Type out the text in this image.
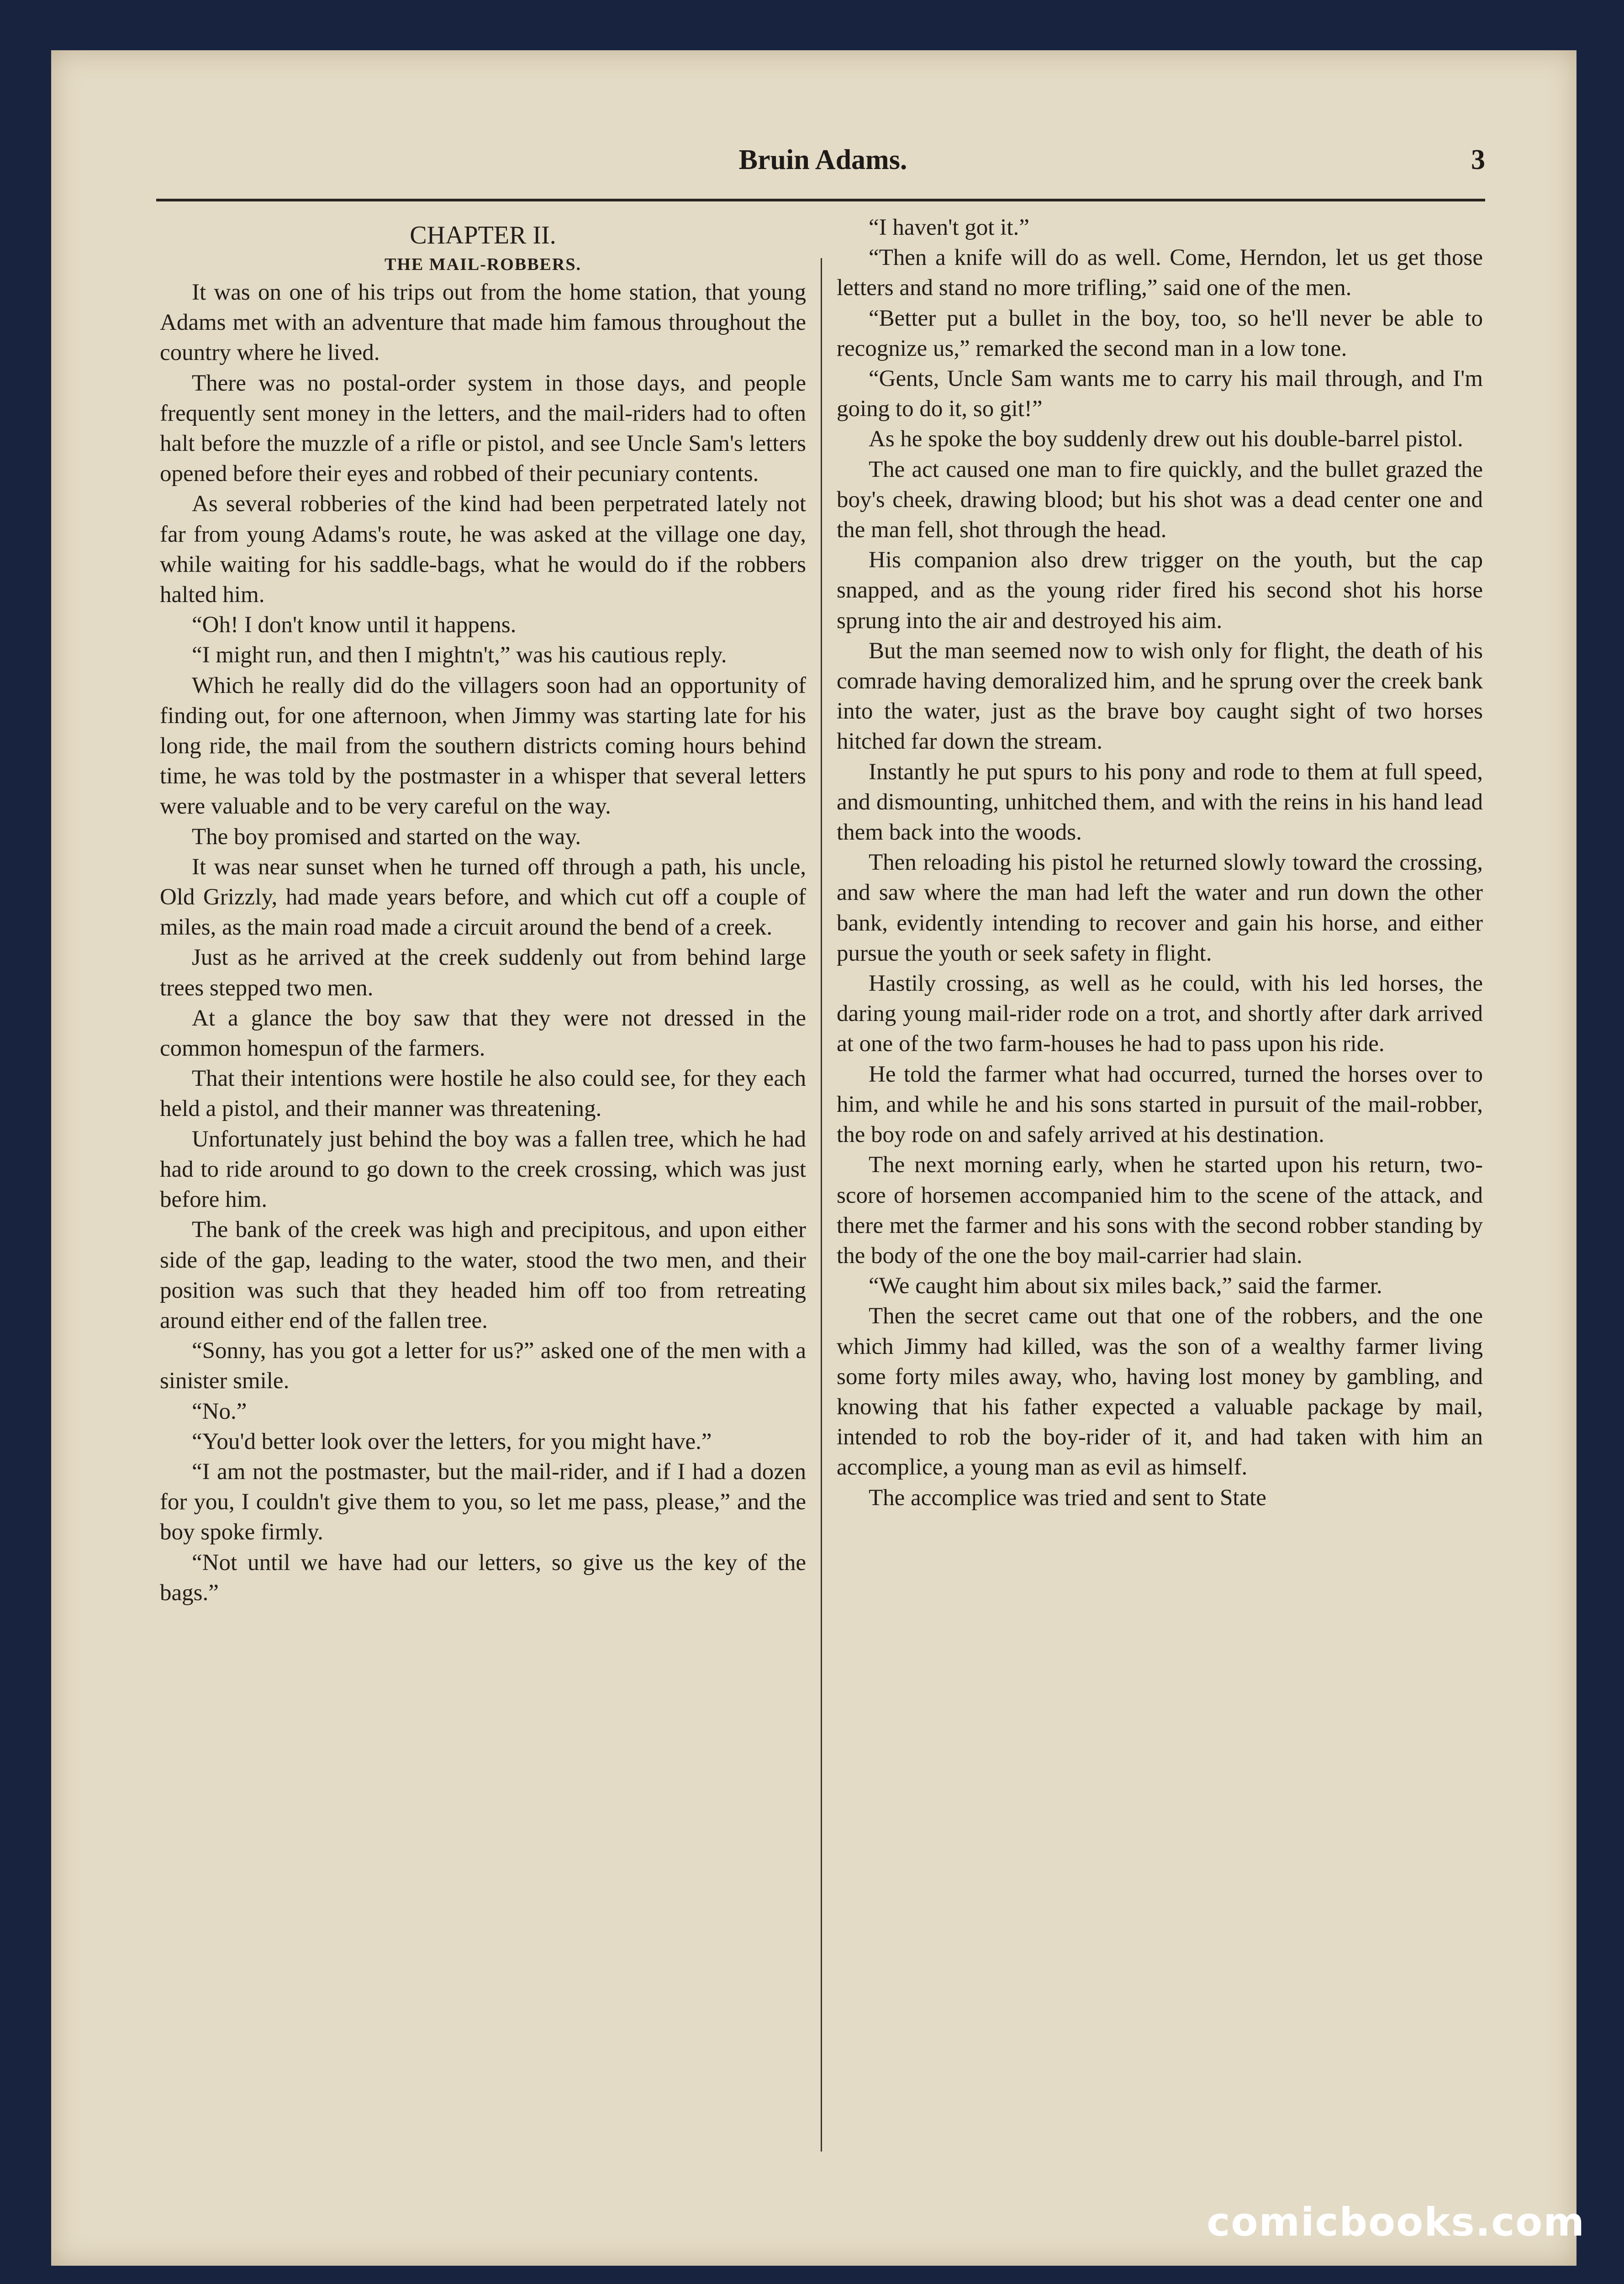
Bruin Adams.	3
CHAPTER II.
THE MAIL-ROBBERS.

It was on one of his trips out from the home station, that young Adams met with an adventure that made him famous throughout the country where he lived.

There was no postal-order system in those days, and people frequently sent money in the letters, and the mail-riders had to often halt before the muzzle of a rifle or pistol, and see Uncle Sam's letters opened before their eyes and robbed of their pecuniary contents.

As several robberies of the kind had been perpetrated lately not far from young Adams's route, he was asked at the village one day, while waiting for his saddle-bags, what he would do if the robbers halted him.

“Oh! I don't know until it happens.

“I might run, and then I mightn't,” was his cautious reply.

Which he really did do the villagers soon had an opportunity of finding out, for one afternoon, when Jimmy was starting late for his long ride, the mail from the southern districts coming hours behind time, he was told by the postmaster in a whisper that several letters were valuable and to be very careful on the way.

The boy promised and started on the way.

It was near sunset when he turned off through a path, his uncle, Old Grizzly, had made years before, and which cut off a couple of miles, as the main road made a circuit around the bend of a creek.

Just as he arrived at the creek suddenly out from behind large trees stepped two men.

At a glance the boy saw that they were not dressed in the common homespun of the farmers.

That their intentions were hostile he also could see, for they each held a pistol, and their manner was threatening.

Unfortunately just behind the boy was a fallen tree, which he had had to ride around to go down to the creek crossing, which was just before him.

The bank of the creek was high and precipitous, and upon either side of the gap, leading to the water, stood the two men, and their position was such that they headed him off too from retreating around either end of the fallen tree.

“Sonny, has you got a letter for us?” asked one of the men with a sinister smile.

“No.”

“You'd better look over the letters, for you might have.”

“I am not the postmaster, but the mail-rider, and if I had a dozen for you, I couldn't give them to you, so let me pass, please,” and the boy spoke firmly.

“Not until we have had our letters, so give us the key of the bags.”

“I haven't got it.”

“Then a knife will do as well. Come, Herndon, let us get those letters and stand no more trifling,” said one of the men.

“Better put a bullet in the boy, too, so he'll never be able to recognize us,” remarked the second man in a low tone.

“Gents, Uncle Sam wants me to carry his mail through, and I'm going to do it, so git!”

As he spoke the boy suddenly drew out his double-barrel pistol.

The act caused one man to fire quickly, and the bullet grazed the boy's cheek, drawing blood; but his shot was a dead center one and the man fell, shot through the head.

His companion also drew trigger on the youth, but the cap snapped, and as the young rider fired his second shot his horse sprung into the air and destroyed his aim.

But the man seemed now to wish only for flight, the death of his comrade having demoralized him, and he sprung over the creek bank into the water, just as the brave boy caught sight of two horses hitched far down the stream.

Instantly he put spurs to his pony and rode to them at full speed, and dismounting, unhitched them, and with the reins in his hand lead them back into the woods.

Then reloading his pistol he returned slowly toward the crossing, and saw where the man had left the water and run down the other bank, evidently intending to recover and gain his horse, and either pursue the youth or seek safety in flight.

Hastily crossing, as well as he could, with his led horses, the daring young mail-rider rode on a trot, and shortly after dark arrived at one of the two farm-houses he had to pass upon his ride.

He told the farmer what had occurred, turned the horses over to him, and while he and his sons started in pursuit of the mail-robber, the boy rode on and safely arrived at his destination.

The next morning early, when he started upon his return, two-score of horsemen accompanied him to the scene of the attack, and there met the farmer and his sons with the second robber standing by the body of the one the boy mail-carrier had slain.

“We caught him about six miles back,” said the farmer.

Then the secret came out that one of the robbers, and the one which Jimmy had killed, was the son of a wealthy farmer living some forty miles away, who, having lost money by gambling, and knowing that his father expected a valuable package by mail, intended to rob the boy-rider of it, and had taken with him an accomplice, a young man as evil as himself.

The accomplice was tried and sent to State

comicbooks.com
